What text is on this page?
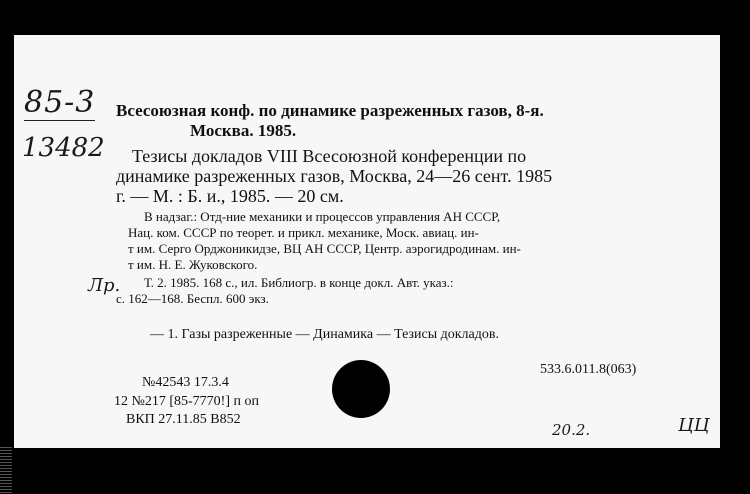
85-3
13482
Лр.
20.2.	ЦЦ
Всесоюзная конф. по динамике разреженных газов, 8-я.
Москва. 1985.
Тезисы докладов VIII Всесоюзной конференции по
динамике разреженных газов, Москва, 24—26 сент. 1985
г. — М. : Б. и., 1985. — 20 см.
В надзаг.: Отд-ние механики и процессов управления АН СССР,
Нац. ком. СССР по теорет. и прикл. механике, Моск. авиац. ин-
т им. Серго Орджоникидзе, ВЦ АН СССР, Центр. аэрогидродинам. ин-
т им. Н. Е. Жуковского.
Т. 2. 1985. 168 с., ил. Библиогр. в конце докл. Авт. указ.:
с. 162—168. Беспл. 600 экз.
— 1. Газы разреженные — Динамика — Тезисы докладов.
533.6.011.8(063)
№42543 17.3.4
12 №217 [85-7770!] п оп
ВКП 27.11.85 В852
